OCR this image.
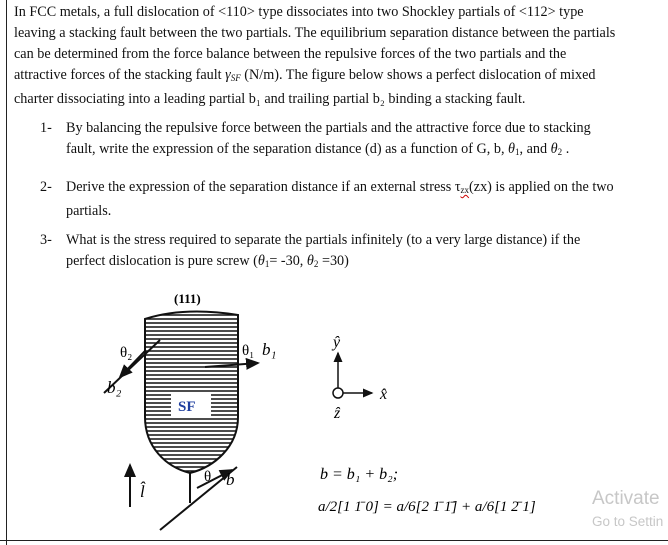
In FCC metals, a full dislocation of <110> type dissociates into two Shockley partials of <112> type
leaving a stacking fault between the two partials. The equilibrium separation distance between the partials
can be determined from the force balance between the repulsive forces of the two partials and the
attractive forces of the stacking fault $\gamma_{SF}$ (N/m). The figure below shows a perfect dislocation of mixed
charter dissociating into a leading partial b₁ and trailing partial b₂ binding a stacking fault.
1- By balancing the repulsive force between the partials and the attractive force due to stacking
fault, write the expression of the separation distance (d) as a function of G, b, $\theta_1$, and $\theta_2$ .
2- Derive the expression of the separation distance if an external stress $\tau_{zx}(zx)$ is applied on the two
partials.
3- What is the stress required to separate the partials infinitely (to a very large distance) if the
perfect dislocation is pure screw ($\theta_1= -30$, $\theta_2 =30$)
(111)
SF
θ₂
b₂
θ₁ b₁
θ b
l̂
ŷ
x̂
ẑ
b = b₁ + b₂;
a/2[1 1̄ 0] = a/6[2 1̄ 1̄] + a/6[1 2̄ 1]	Activate
Go to Settin
